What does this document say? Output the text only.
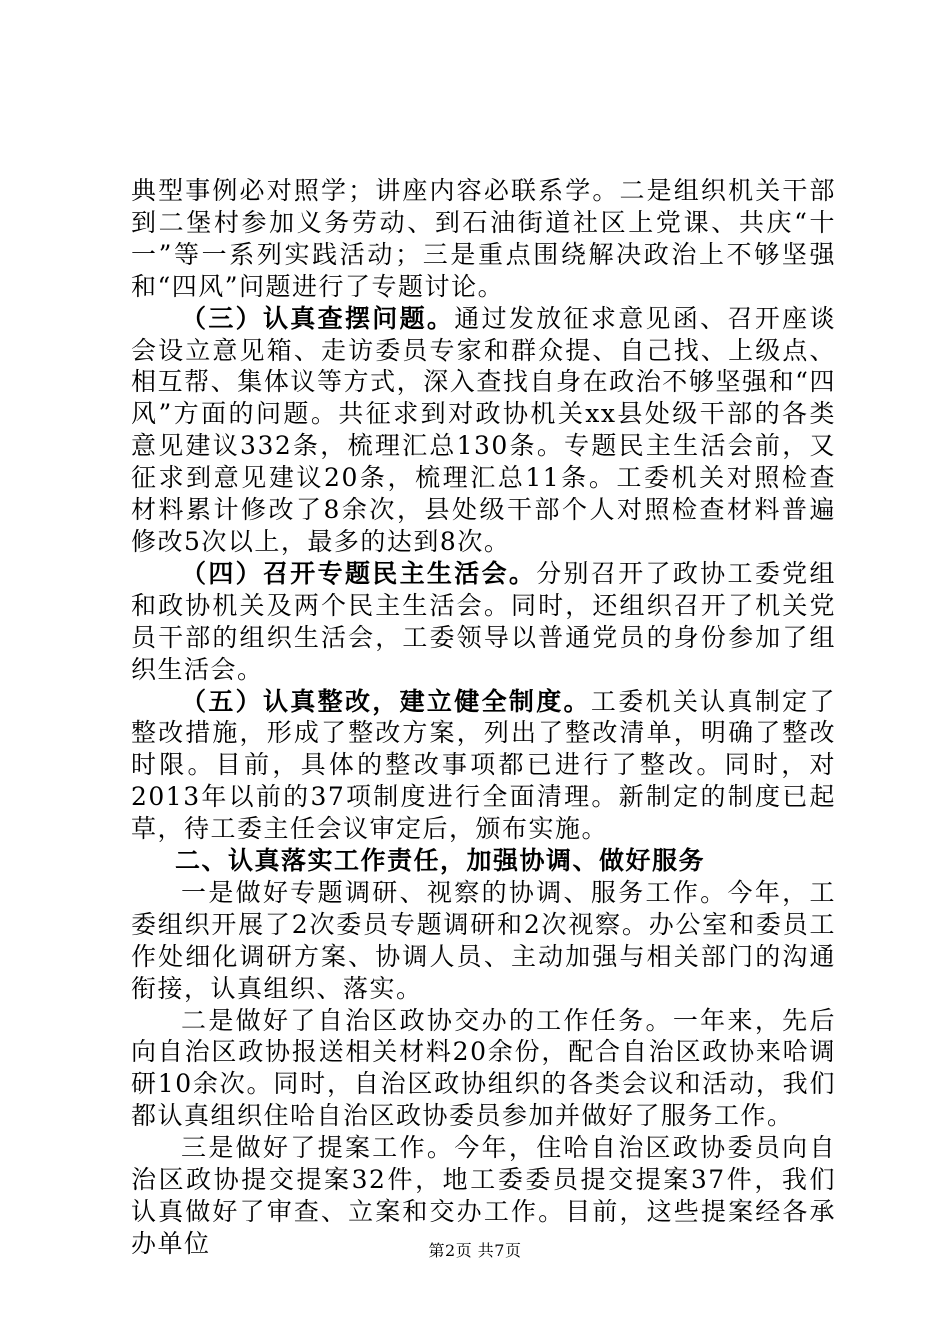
典型事例必对照学；讲座内容必联系学。二是组织机关干部到二堡村参加义务劳动、到石油街道社区上党课、共庆“十一”等一系列实践活动；三是重点围绕解决政治上不够坚强和“四风”问题进行了专题讨论。

（三）认真查摆问题。通过发放征求意见函、召开座谈会设立意见箱、走访委员专家和群众提、自己找、上级点、相互帮、集体议等方式，深入查找自身在政治不够坚强和“四风”方面的问题。共征求到对政协机关xx县处级干部的各类意见建议332条，梳理汇总130条。专题民主生活会前，又征求到意见建议20条，梳理汇总11条。工委机关对照检查材料累计修改了8余次，县处级干部个人对照检查材料普遍修改5次以上，最多的达到8次。

（四）召开专题民主生活会。分别召开了政协工委党组和政协机关及两个民主生活会。同时，还组织召开了机关党员干部的组织生活会，工委领导以普通党员的身份参加了组织生活会。

（五）认真整改，建立健全制度。工委机关认真制定了整改措施，形成了整改方案，列出了整改清单，明确了整改时限。目前，具体的整改事项都已进行了整改。同时，对2013年以前的37项制度进行全面清理。新制定的制度已起草，待工委主任会议审定后，颁布实施。

二、认真落实工作责任，加强协调、做好服务

一是做好专题调研、视察的协调、服务工作。今年，工委组织开展了2次委员专题调研和2次视察。办公室和委员工作处细化调研方案、协调人员、主动加强与相关部门的沟通衔接，认真组织、落实。

二是做好了自治区政协交办的工作任务。一年来，先后向自治区政协报送相关材料20余份，配合自治区政协来哈调研10余次。同时，自治区政协组织的各类会议和活动，我们都认真组织住哈自治区政协委员参加并做好了服务工作。

三是做好了提案工作。今年，住哈自治区政协委员向自治区政协提交提案32件，地工委委员提交提案37件，我们认真做好了审查、立案和交办工作。目前，这些提案经各承办单位	第2页 共7页
